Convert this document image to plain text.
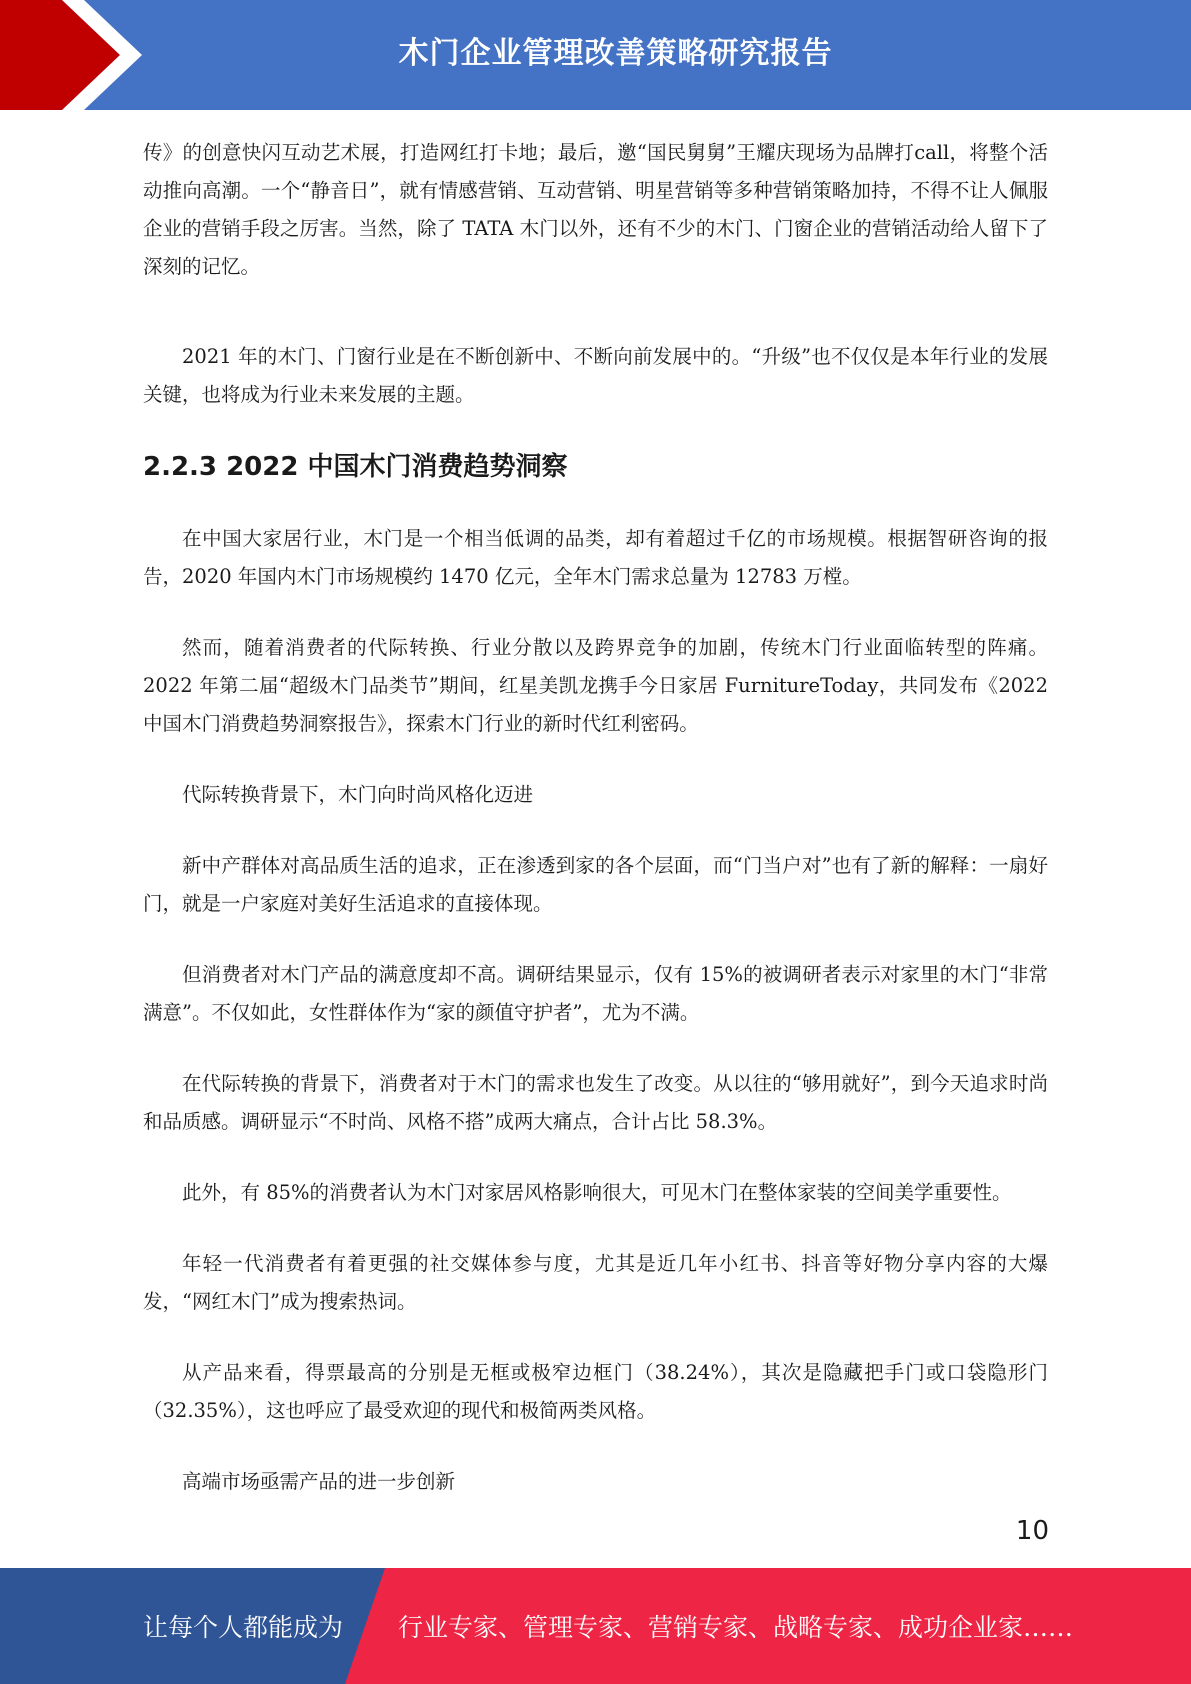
木门企业管理改善策略研究报告

传》的创意快闪互动艺术展，打造网红打卡地；最后，邀“国民舅舅”王耀庆现场为品牌打call，将整个活动推向高潮。一个“静音日”，就有情感营销、互动营销、明星营销等多种营销策略加持，不得不让人佩服企业的营销手段之厉害。当然，除了 TATA 木门以外，还有不少的木门、门窗企业的营销活动给人留下了深刻的记忆。

2021 年的木门、门窗行业是在不断创新中、不断向前发展中的。“升级”也不仅仅是本年行业的发展关键，也将成为行业未来发展的主题。

2.2.3 2022 中国木门消费趋势洞察

在中国大家居行业，木门是一个相当低调的品类，却有着超过千亿的市场规模。根据智研咨询的报告，2020 年国内木门市场规模约 1470 亿元，全年木门需求总量为 12783 万樘。

然而，随着消费者的代际转换、行业分散以及跨界竞争的加剧，传统木门行业面临转型的阵痛。2022 年第二届“超级木门品类节”期间，红星美凯龙携手今日家居 FurnitureToday，共同发布《2022 中国木门消费趋势洞察报告》，探索木门行业的新时代红利密码。

代际转换背景下，木门向时尚风格化迈进

新中产群体对高品质生活的追求，正在渗透到家的各个层面，而“门当户对”也有了新的解释：一扇好门，就是一户家庭对美好生活追求的直接体现。

但消费者对木门产品的满意度却不高。调研结果显示，仅有 15%的被调研者表示对家里的木门“非常满意”。不仅如此，女性群体作为“家的颜值守护者”，尤为不满。

在代际转换的背景下，消费者对于木门的需求也发生了改变。从以往的“够用就好”，到今天追求时尚和品质感。调研显示“不时尚、风格不搭”成两大痛点，合计占比 58.3%。

此外，有 85%的消费者认为木门对家居风格影响很大，可见木门在整体家装的空间美学重要性。

年轻一代消费者有着更强的社交媒体参与度，尤其是近几年小红书、抖音等好物分享内容的大爆发，“网红木门”成为搜索热词。

从产品来看，得票最高的分别是无框或极窄边框门（38.24%），其次是隐藏把手门或口袋隐形门（32.35%），这也呼应了最受欢迎的现代和极简两类风格。

高端市场亟需产品的进一步创新

10
让每个人都能成为 行业专家、管理专家、营销专家、战略专家、成功企业家……
